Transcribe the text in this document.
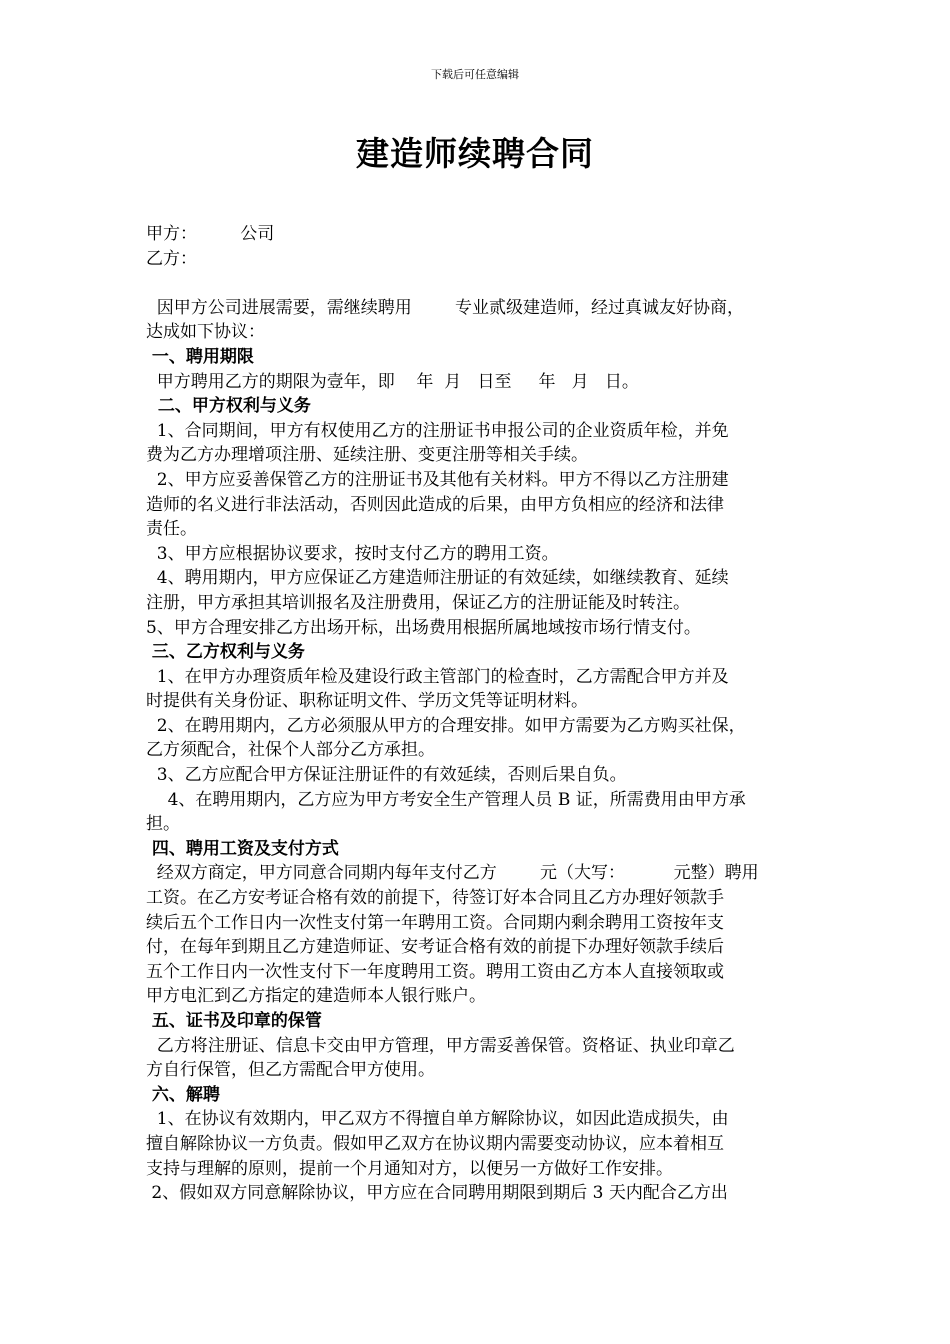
下载后可任意编辑
建造师续聘合同
甲方：        公司
乙方：
因甲方公司进展需要，需继续聘用        专业贰级建造师，经过真诚友好协商，
达成如下协议：
一、聘用期限
甲方聘用乙方的期限为壹年，即    年  月   日至     年   月   日。
二、甲方权利与义务
1、合同期间，甲方有权使用乙方的注册证书申报公司的企业资质年检，并免
费为乙方办理增项注册、延续注册、变更注册等相关手续。
2、甲方应妥善保管乙方的注册证书及其他有关材料。甲方不得以乙方注册建
造师的名义进行非法活动，否则因此造成的后果，由甲方负相应的经济和法律
责任。
3、甲方应根据协议要求，按时支付乙方的聘用工资。
4、聘用期内，甲方应保证乙方建造师注册证的有效延续，如继续教育、延续
注册，甲方承担其培训报名及注册费用，保证乙方的注册证能及时转注。
5、甲方合理安排乙方出场开标，出场费用根据所属地域按市场行情支付。
三、乙方权利与义务
1、在甲方办理资质年检及建设行政主管部门的检查时，乙方需配合甲方并及
时提供有关身份证、职称证明文件、学历文凭等证明材料。
2、在聘用期内，乙方必须服从甲方的合理安排。如甲方需要为乙方购买社保，
乙方须配合，社保个人部分乙方承担。
3、乙方应配合甲方保证注册证件的有效延续，否则后果自负。
4、在聘用期内，乙方应为甲方考安全生产管理人员 B 证，所需费用由甲方承
担。
四、聘用工资及支付方式
经双方商定，甲方同意合同期内每年支付乙方        元（大写：         元整）聘用
工资。在乙方安考证合格有效的前提下，待签订好本合同且乙方办理好领款手
续后五个工作日内一次性支付第一年聘用工资。合同期内剩余聘用工资按年支
付，在每年到期且乙方建造师证、安考证合格有效的前提下办理好领款手续后
五个工作日内一次性支付下一年度聘用工资。聘用工资由乙方本人直接领取或
甲方电汇到乙方指定的建造师本人银行账户。
五、证书及印章的保管
乙方将注册证、信息卡交由甲方管理，甲方需妥善保管。资格证、执业印章乙
方自行保管，但乙方需配合甲方使用。
六、解聘
1、在协议有效期内，甲乙双方不得擅自单方解除协议，如因此造成损失，由
擅自解除协议一方负责。假如甲乙双方在协议期内需要变动协议，应本着相互
支持与理解的原则，提前一个月通知对方，以便另一方做好工作安排。
2、假如双方同意解除协议，甲方应在合同聘用期限到期后 3 天内配合乙方出
